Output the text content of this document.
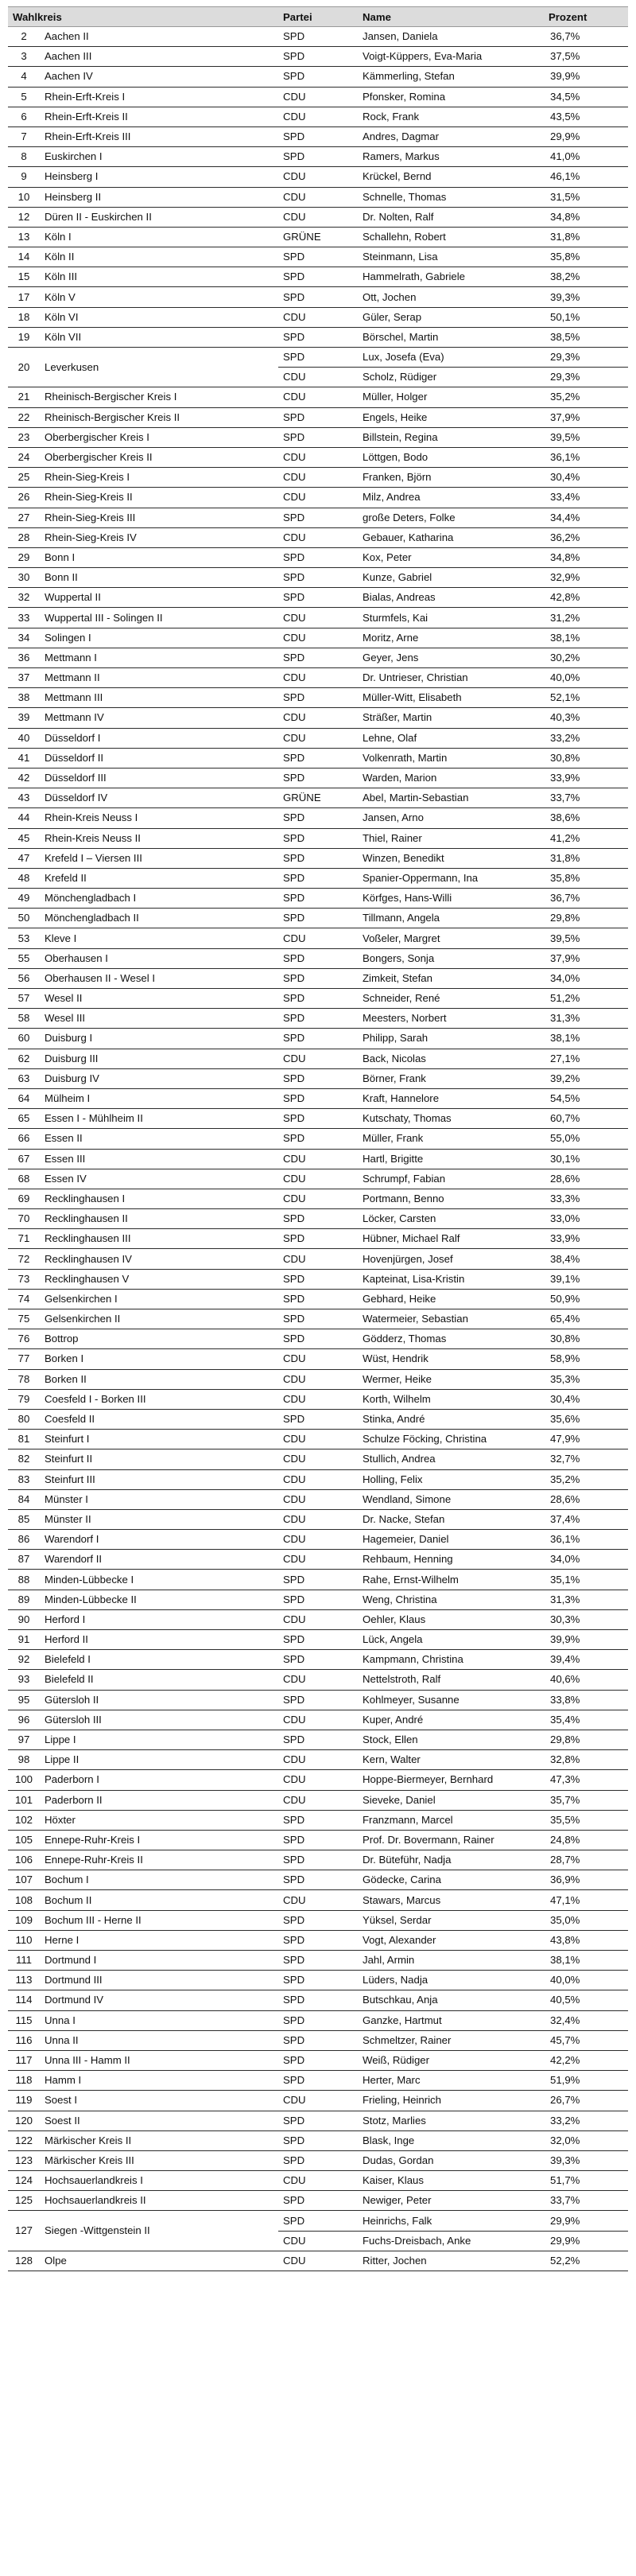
Wahlkreis		Partei	Name	Prozent
2	Aachen II	SPD	Jansen, Daniela	36,7%
3	Aachen III	SPD	Voigt-Küppers, Eva-Maria	37,5%
4	Aachen IV	SPD	Kämmerling, Stefan	39,9%
5	Rhein-Erft-Kreis I	CDU	Pfonsker, Romina	34,5%
6	Rhein-Erft-Kreis II	CDU	Rock, Frank	43,5%
7	Rhein-Erft-Kreis III	SPD	Andres, Dagmar	29,9%
8	Euskirchen I	SPD	Ramers, Markus	41,0%
9	Heinsberg I	CDU	Krückel, Bernd	46,1%
10	Heinsberg II	CDU	Schnelle, Thomas	31,5%
12	Düren II - Euskirchen II	CDU	Dr. Nolten, Ralf	34,8%
13	Köln I	GRÜNE	Schallehn, Robert	31,8%
14	Köln II	SPD	Steinmann, Lisa	35,8%
15	Köln III	SPD	Hammelrath, Gabriele	38,2%
17	Köln V	SPD	Ott, Jochen	39,3%
18	Köln VI	CDU	Güler, Serap	50,1%
19	Köln VII	SPD	Börschel, Martin	38,5%
20	Leverkusen	SPD	Lux, Josefa (Eva)	29,3%
		CDU	Scholz, Rüdiger	29,3%
21	Rheinisch-Bergischer Kreis I	CDU	Müller, Holger	35,2%
22	Rheinisch-Bergischer Kreis II	SPD	Engels, Heike	37,9%
23	Oberbergischer Kreis I	SPD	Billstein, Regina	39,5%
24	Oberbergischer Kreis II	CDU	Löttgen, Bodo	36,1%
25	Rhein-Sieg-Kreis I	CDU	Franken, Björn	30,4%
26	Rhein-Sieg-Kreis II	CDU	Milz, Andrea	33,4%
27	Rhein-Sieg-Kreis III	SPD	große Deters, Folke	34,4%
28	Rhein-Sieg-Kreis IV	CDU	Gebauer, Katharina	36,2%
29	Bonn I	SPD	Kox, Peter	34,8%
30	Bonn II	SPD	Kunze, Gabriel	32,9%
32	Wuppertal II	SPD	Bialas, Andreas	42,8%
33	Wuppertal III - Solingen II	CDU	Sturmfels, Kai	31,2%
34	Solingen I	CDU	Moritz, Arne	38,1%
36	Mettmann I	SPD	Geyer, Jens	30,2%
37	Mettmann II	CDU	Dr. Untrieser, Christian	40,0%
38	Mettmann III	SPD	Müller-Witt, Elisabeth	52,1%
39	Mettmann IV	CDU	Sträßer, Martin	40,3%
40	Düsseldorf I	CDU	Lehne, Olaf	33,2%
41	Düsseldorf II	SPD	Volkenrath, Martin	30,8%
42	Düsseldorf III	SPD	Warden, Marion	33,9%
43	Düsseldorf IV	GRÜNE	Abel, Martin-Sebastian	33,7%
44	Rhein-Kreis Neuss I	SPD	Jansen, Arno	38,6%
45	Rhein-Kreis Neuss II	SPD	Thiel, Rainer	41,2%
47	Krefeld I – Viersen III	SPD	Winzen, Benedikt	31,8%
48	Krefeld II	SPD	Spanier-Oppermann, Ina	35,8%
49	Mönchengladbach I	SPD	Körfges, Hans-Willi	36,7%
50	Mönchengladbach II	SPD	Tillmann, Angela	29,8%
53	Kleve I	CDU	Voßeler, Margret	39,5%
55	Oberhausen I	SPD	Bongers, Sonja	37,9%
56	Oberhausen II - Wesel I	SPD	Zimkeit, Stefan	34,0%
57	Wesel II	SPD	Schneider, René	51,2%
58	Wesel III	SPD	Meesters, Norbert	31,3%
60	Duisburg I	SPD	Philipp, Sarah	38,1%
62	Duisburg III	CDU	Back, Nicolas	27,1%
63	Duisburg IV	SPD	Börner, Frank	39,2%
64	Mülheim I	SPD	Kraft, Hannelore	54,5%
65	Essen I - Mühlheim II	SPD	Kutschaty, Thomas	60,7%
66	Essen II	SPD	Müller, Frank	55,0%
67	Essen III	CDU	Hartl, Brigitte	30,1%
68	Essen IV	CDU	Schrumpf, Fabian	28,6%
69	Recklinghausen I	CDU	Portmann, Benno	33,3%
70	Recklinghausen II	SPD	Löcker, Carsten	33,0%
71	Recklinghausen III	SPD	Hübner, Michael Ralf	33,9%
72	Recklinghausen IV	CDU	Hovenjürgen, Josef	38,4%
73	Recklinghausen V	SPD	Kapteinat, Lisa-Kristin	39,1%
74	Gelsenkirchen I	SPD	Gebhard, Heike	50,9%
75	Gelsenkirchen II	SPD	Watermeier, Sebastian	65,4%
76	Bottrop	SPD	Gödderz, Thomas	30,8%
77	Borken I	CDU	Wüst, Hendrik	58,9%
78	Borken II	CDU	Wermer, Heike	35,3%
79	Coesfeld I - Borken III	CDU	Korth, Wilhelm	30,4%
80	Coesfeld II	SPD	Stinka, André	35,6%
81	Steinfurt I	CDU	Schulze Föcking, Christina	47,9%
82	Steinfurt II	CDU	Stullich, Andrea	32,7%
83	Steinfurt III	CDU	Holling, Felix	35,2%
84	Münster I	CDU	Wendland, Simone	28,6%
85	Münster II	CDU	Dr. Nacke, Stefan	37,4%
86	Warendorf I	CDU	Hagemeier, Daniel	36,1%
87	Warendorf II	CDU	Rehbaum, Henning	34,0%
88	Minden-Lübbecke I	SPD	Rahe, Ernst-Wilhelm	35,1%
89	Minden-Lübbecke II	SPD	Weng, Christina	31,3%
90	Herford I	CDU	Oehler, Klaus	30,3%
91	Herford II	SPD	Lück, Angela	39,9%
92	Bielefeld I	SPD	Kampmann, Christina	39,4%
93	Bielefeld II	CDU	Nettelstroth, Ralf	40,6%
95	Gütersloh II	SPD	Kohlmeyer, Susanne	33,8%
96	Gütersloh III	CDU	Kuper, André	35,4%
97	Lippe I	SPD	Stock, Ellen	29,8%
98	Lippe II	CDU	Kern, Walter	32,8%
100	Paderborn I	CDU	Hoppe-Biermeyer, Bernhard	47,3%
101	Paderborn II	CDU	Sieveke, Daniel	35,7%
102	Höxter	SPD	Franzmann, Marcel	35,5%
105	Ennepe-Ruhr-Kreis I	SPD	Prof. Dr. Bovermann, Rainer	24,8%
106	Ennepe-Ruhr-Kreis II	SPD	Dr. Büteführ, Nadja	28,7%
107	Bochum I	SPD	Gödecke, Carina	36,9%
108	Bochum II	CDU	Stawars, Marcus	47,1%
109	Bochum III - Herne II	SPD	Yüksel, Serdar	35,0%
110	Herne I	SPD	Vogt, Alexander	43,8%
111	Dortmund I	SPD	Jahl, Armin	38,1%
113	Dortmund III	SPD	Lüders, Nadja	40,0%
114	Dortmund IV	SPD	Butschkau, Anja	40,5%
115	Unna I	SPD	Ganzke, Hartmut	32,4%
116	Unna II	SPD	Schmeltzer, Rainer	45,7%
117	Unna III - Hamm II	SPD	Weiß, Rüdiger	42,2%
118	Hamm I	SPD	Herter, Marc	51,9%
119	Soest I	CDU	Frieling, Heinrich	26,7%
120	Soest II	SPD	Stotz, Marlies	33,2%
122	Märkischer Kreis II	SPD	Blask, Inge	32,0%
123	Märkischer Kreis III	SPD	Dudas, Gordan	39,3%
124	Hochsauerlandkreis I	CDU	Kaiser, Klaus	51,7%
125	Hochsauerlandkreis II	SPD	Newiger, Peter	33,7%
127	Siegen -Wittgenstein II	SPD	Heinrichs, Falk	29,9%
		CDU	Fuchs-Dreisbach, Anke	29,9%
128	Olpe	CDU	Ritter, Jochen	52,2%
